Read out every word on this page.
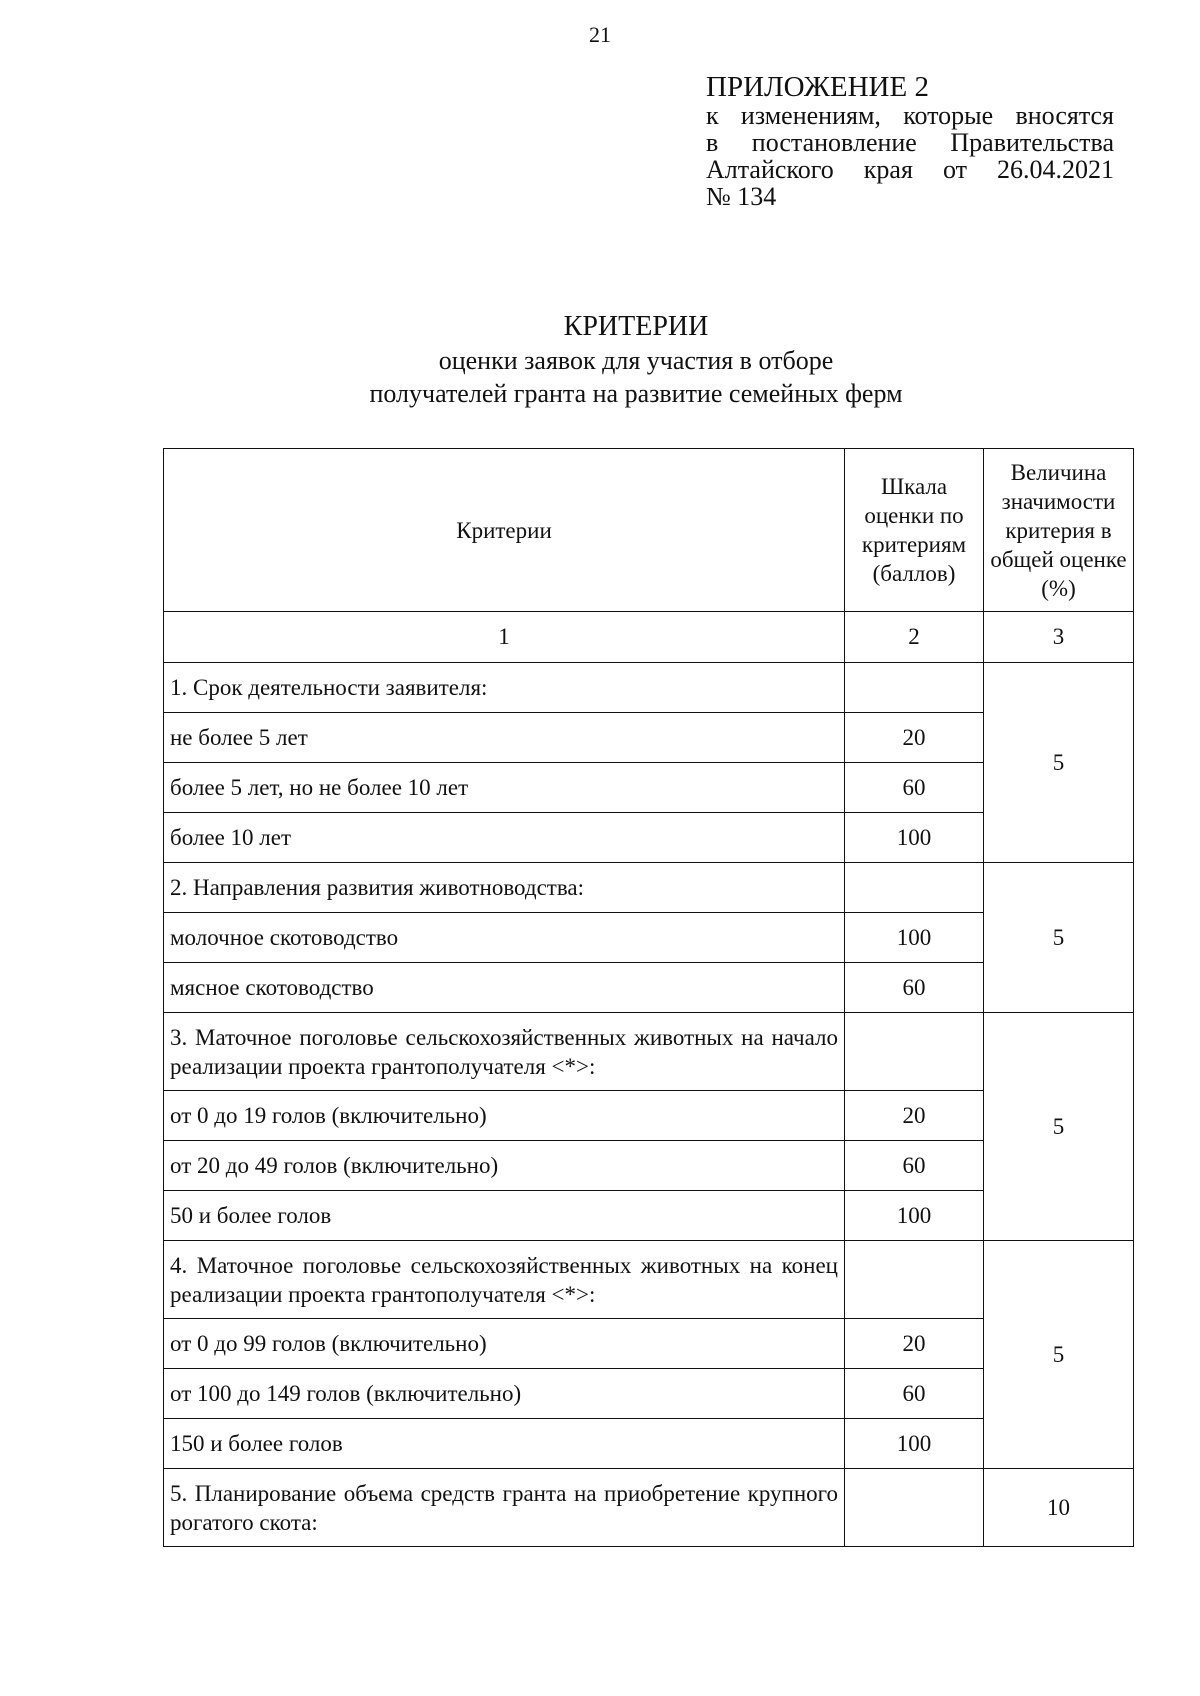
21
ПРИЛОЖЕНИЕ 2
к изменениям, которые вносятся
в постановление Правительства
Алтайского края от 26.04.2021
№ 134
КРИТЕРИИ
оценки заявок для участия в отборе
получателей гранта на развитие семейных ферм
Критерии	Шкала оценки по критериям (баллов)	Величина значимости критерия в общей оценке (%)
1	2	3
1. Срок деятельности заявителя:		5
не более 5 лет	20	
более 5 лет, но не более 10 лет	60	
более 10 лет	100	
2. Направления развития животноводства:		5
молочное скотоводство	100	
мясное скотоводство	60	
3. Маточное поголовье сельскохозяйственных животных на начало реализации проекта грантополучателя <*>:		5
от 0 до 19 голов (включительно)	20	
от 20 до 49 голов (включительно)	60	
50 и более голов	100	
4. Маточное поголовье сельскохозяйственных животных на конец реализации проекта грантополучателя <*>:		5
от 0 до 99 голов (включительно)	20	
от 100 до 149 голов (включительно)	60	
150 и более голов	100	
5. Планирование объема средств гранта на приобретение крупного рогатого скота:		10
